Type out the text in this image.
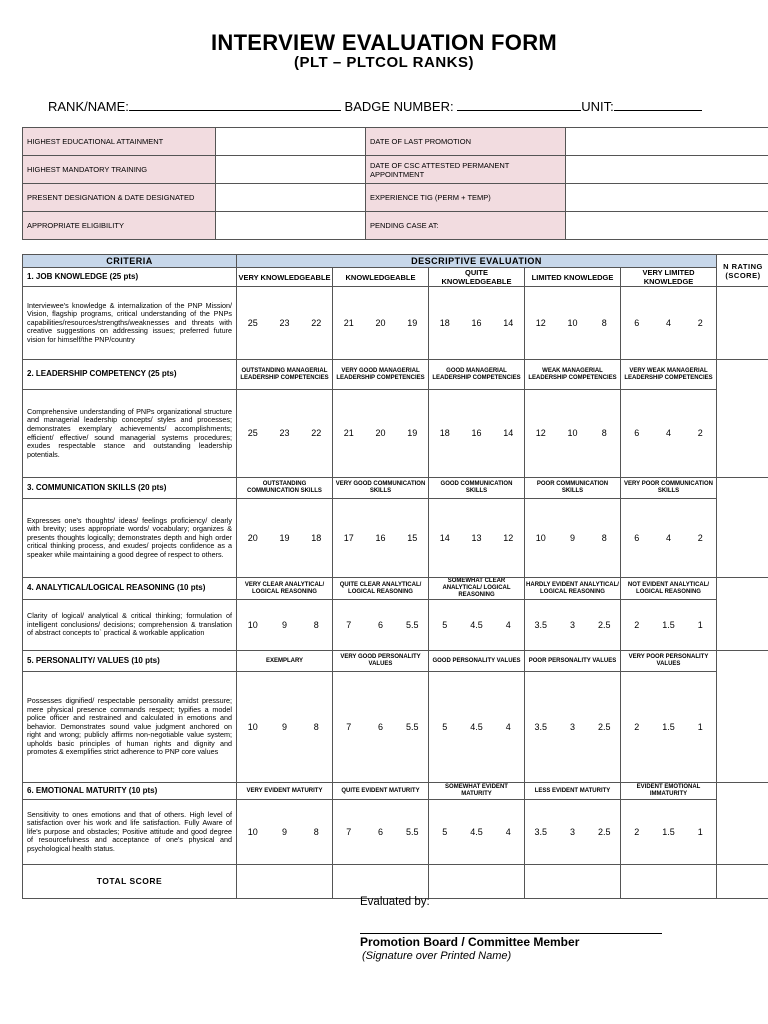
INTERVIEW EVALUATION FORM
(PLT – PLTCOL RANKS)
RANK/NAME:	BADGE NUMBER:	UNIT:
HIGHEST EDUCATIONAL ATTAINMENT		DATE OF LAST PROMOTION	
HIGHEST MANDATORY TRAINING		DATE OF CSC ATTESTED PERMANENT APPOINTMENT	
PRESENT DESIGNATION & DATE DESIGNATED		EXPERIENCE TIG (PERM + TEMP)	
APPROPRIATE ELIGIBILITY		PENDING CASE AT:	
CRITERIA	DESCRIPTIVE EVALUATION															N RATING (SCORE)
1. JOB KNOWLEDGE (25 pts)	VERY KNOWLEDGEABLE			KNOWLEDGEABLE			QUITE KNOWLEDGEABLE			LIMITED KNOWLEDGE			VERY LIMITED KNOWLEDGE			
Interviewee's knowledge & internalization of the PNP Mission/ Vision, flagship programs, critical understanding of the PNPs capabilities/resources/strengths/weaknesses and threats with creative suggestions on addressing issues; preferred future vision for himself/the PNP/country	25	23	22	21	20	19	18	16	14	12	10	8	6	4	2	
2. LEADERSHIP COMPETENCY (25 pts)	OUTSTANDING MANAGERIAL LEADERSHIP COMPETENCIES			VERY GOOD MANAGERIAL LEADERSHIP COMPETENCIES			GOOD MANAGERIAL LEADERSHIP COMPETENCIES			WEAK MANAGERIAL LEADERSHIP COMPETENCIES			VERY WEAK MANAGERIAL LEADERSHIP COMPETENCIES			
Comprehensive understanding of PNPs organizational structure and managerial leadership concepts/ styles and processes; demonstrates exemplary achievements/ accomplishments; efficient/ effective/ sound managerial systems procedures; exudes respectable stance and outstanding leadership potentials.	25	23	22	21	20	19	18	16	14	12	10	8	6	4	2	
3. COMMUNICATION SKILLS (20 pts)	OUTSTANDING COMMUNICATION SKILLS			VERY GOOD COMMUNICATION SKILLS			GOOD COMMUNICATION SKILLS			POOR COMMUNICATION SKILLS			VERY POOR COMMUNICATION SKILLS			
Expresses one's thoughts/ ideas/ feelings proficiency/ clearly with brevity; uses appropriate words/ vocabulary; organizes & presents thoughts logically; demonstrates depth and high order critical thinking process, and exudes/ projects confidence as a speaker while maintaining a good degree of respect to others.	20	19	18	17	16	15	14	13	12	10	9	8	6	4	2	
4. ANALYTICAL/LOGICAL REASONING (10 pts)	VERY CLEAR ANALYTICAL/ LOGICAL REASONING			QUITE CLEAR ANALYTICAL/ LOGICAL REASONING			SOMEWHAT CLEAR ANALYTICAL/ LOGICAL REASONING			HARDLY EVIDENT ANALYTICAL/ LOGICAL REASONING			NOT EVIDENT ANALYTICAL/ LOGICAL REASONING			
Clarity of logical/ analytical & critical thinking; formulation of intelligent conclusions/ decisions; comprehension & translation of abstract concepts to` practical & workable application	10	9	8	7	6	5.5	5	4.5	4	3.5	3	2.5	2	1.5	1	
5. PERSONALITY/ VALUES (10 pts)	EXEMPLARY			VERY GOOD PERSONALITY VALUES			GOOD PERSONALITY VALUES			POOR PERSONALITY VALUES			VERY POOR PERSONALITY VALUES			
Possesses dignified/ respectable personality amidst pressure; mere physical presence commands respect; typifies a model police officer and restrained and calculated in emotions and behavior. Demonstrates sound value judgment anchored on right and wrong; publicly affirms non-negotiable value system; upholds basic principles of human rights and dignity and promotes & exemplifies strict adherence to PNP core values	10	9	8	7	6	5.5	5	4.5	4	3.5	3	2.5	2	1.5	1	
6. EMOTIONAL MATURITY (10 pts)	VERY EVIDENT MATURITY			QUITE EVIDENT MATURITY			SOMEWHAT EVIDENT MATURITY			LESS EVIDENT MATURITY			EVIDENT EMOTIONAL IMMATURITY			
Sensitivity to ones emotions and that of others. High level of satisfaction over his work and life satisfaction. Fully Aware of life's purpose and obstacles; Positive attitude and good degree of resourcefulness and acceptance of one's physical and psychological health status.	10	9	8	7	6	5.5	5	4.5	4	3.5	3	2.5	2	1.5	1	
TOTAL SCORE																
Evaluated by:
Promotion Board / Committee Member
(Signature over Printed Name)
